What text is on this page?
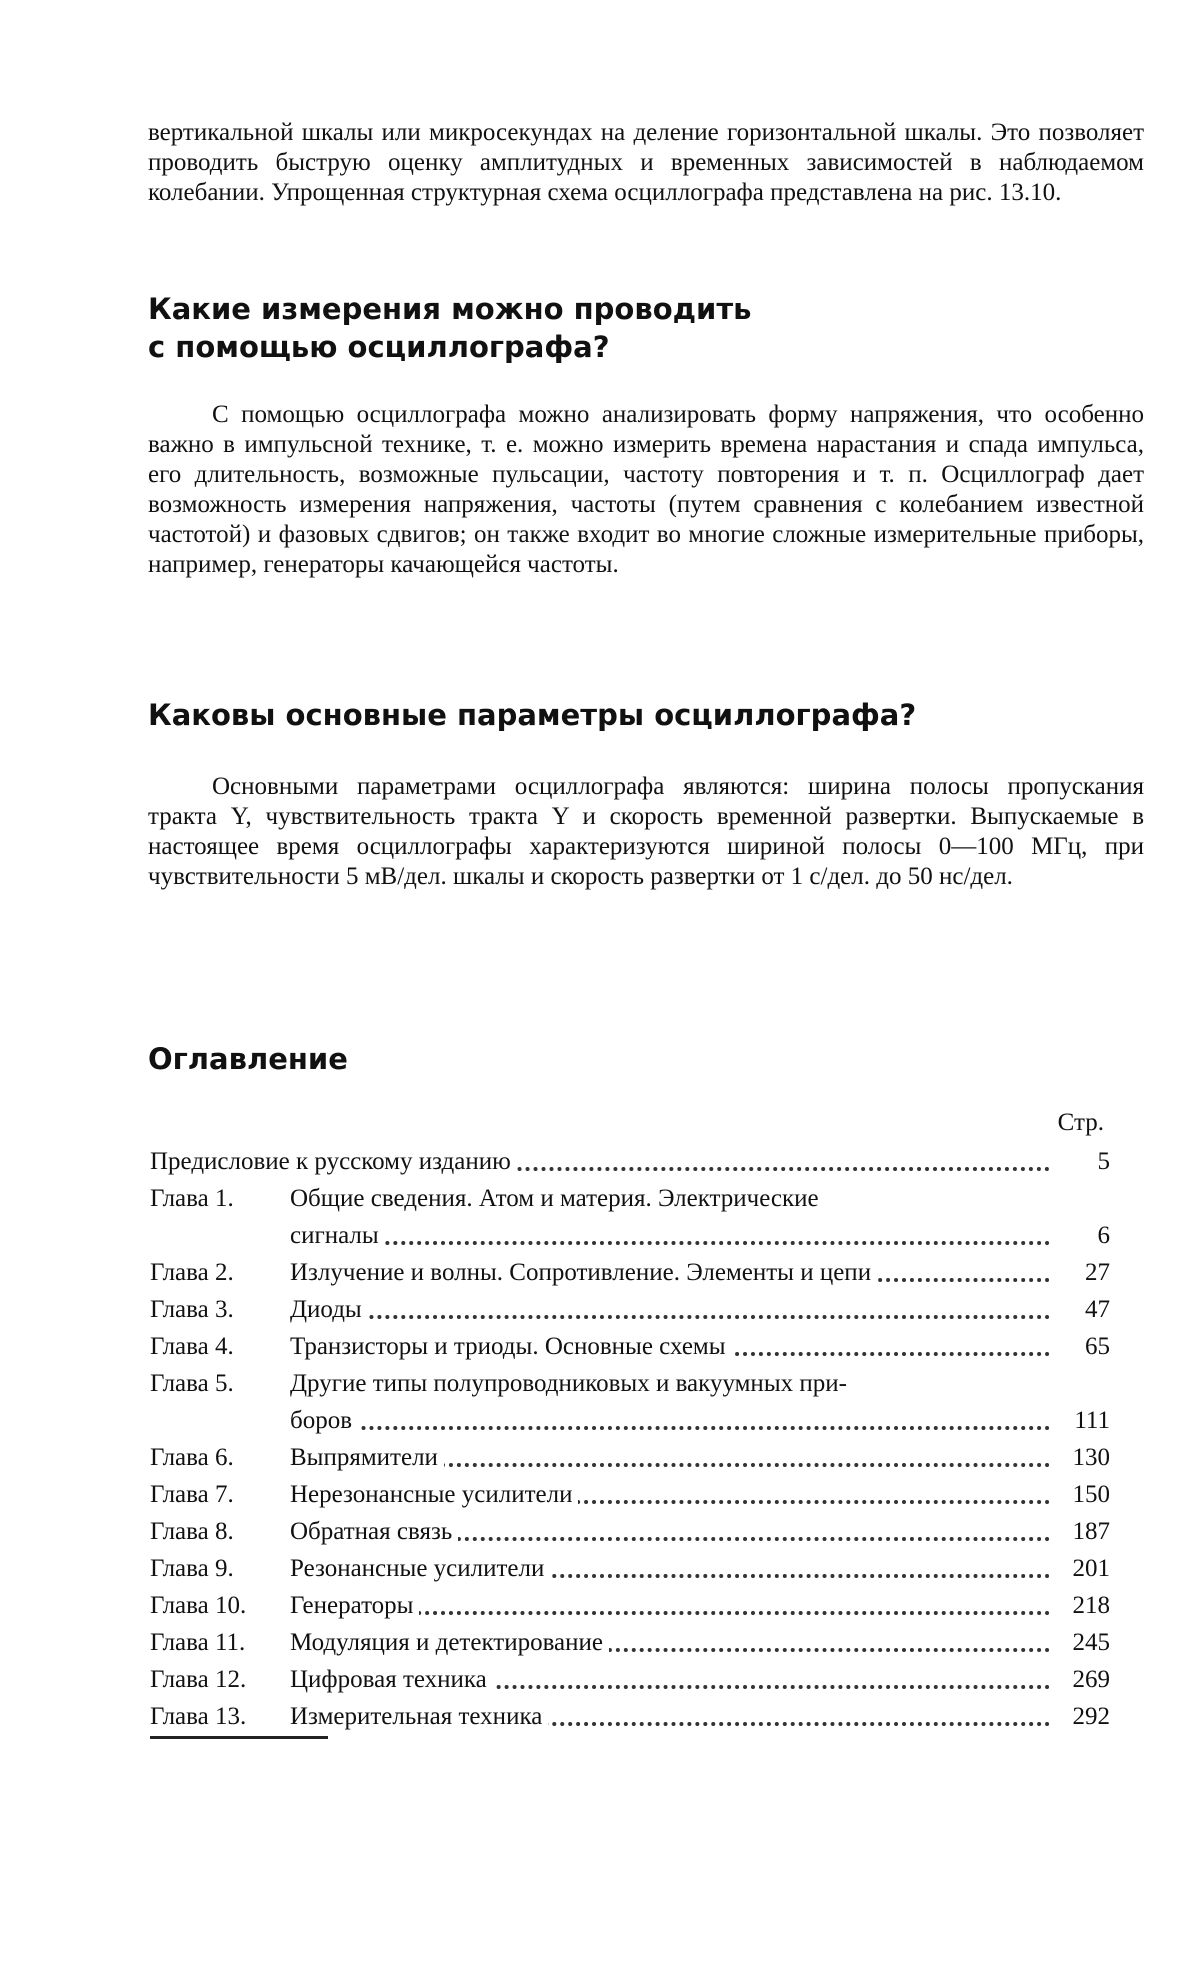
вертикальной шкалы или микросекундах на деление горизонтальной шкалы. Это позволяет проводить быструю оценку амплитудных и временных зависимостей в наблюдаемом колебании. Упрощенная структурная схема осциллографа представлена на рис. 13.10.

Какие измерения можно проводить
с помощью осциллографа?

С помощью осциллографа можно анализировать форму напряжения, что особенно важно в импульсной технике, т. е. можно измерить времена нарастания и спада импульса, его длительность, возможные пульсации, частоту повторения и т. п. Осциллограф дает возможность измерения напряжения, частоты (путем сравнения с колебанием известной частотой) и фазовых сдвигов; он также входит во многие сложные измерительные приборы, например, генераторы качающейся частоты.

Каковы основные параметры осциллографа?

Основными параметрами осциллографа являются: ширина полосы пропускания тракта Y, чувствительность тракта Y и скорость временной развертки. Выпускаемые в настоящее время осциллографы характеризуются шириной полосы 0—100 МГц, при чувствительности 5 мВ/дел. шкалы и скорость развертки от 1 с/дел. до 50 нс/дел.

Оглавление
Стр.
Предисловие к русскому изданию	5
Глава 1.	Общие сведения. Атом и материя. Электрические
сигналы	6
Глава 2.	Излучение и волны. Сопротивление. Элементы и цепи	27
Глава 3.	Диоды	47
Глава 4.	Транзисторы и триоды. Основные схемы	65
Глава 5.	Другие типы полупроводниковых и вакуумных при-
боров	111
Глава 6.	Выпрямители	130
Глава 7.	Нерезонансные усилители	150
Глава 8.	Обратная связь	187
Глава 9.	Резонансные усилители	201
Глава 10.	Генераторы	218
Глава 11.	Модуляция и детектирование	245
Глава 12.	Цифровая техника	269
Глава 13.	Измерительная техника	292
